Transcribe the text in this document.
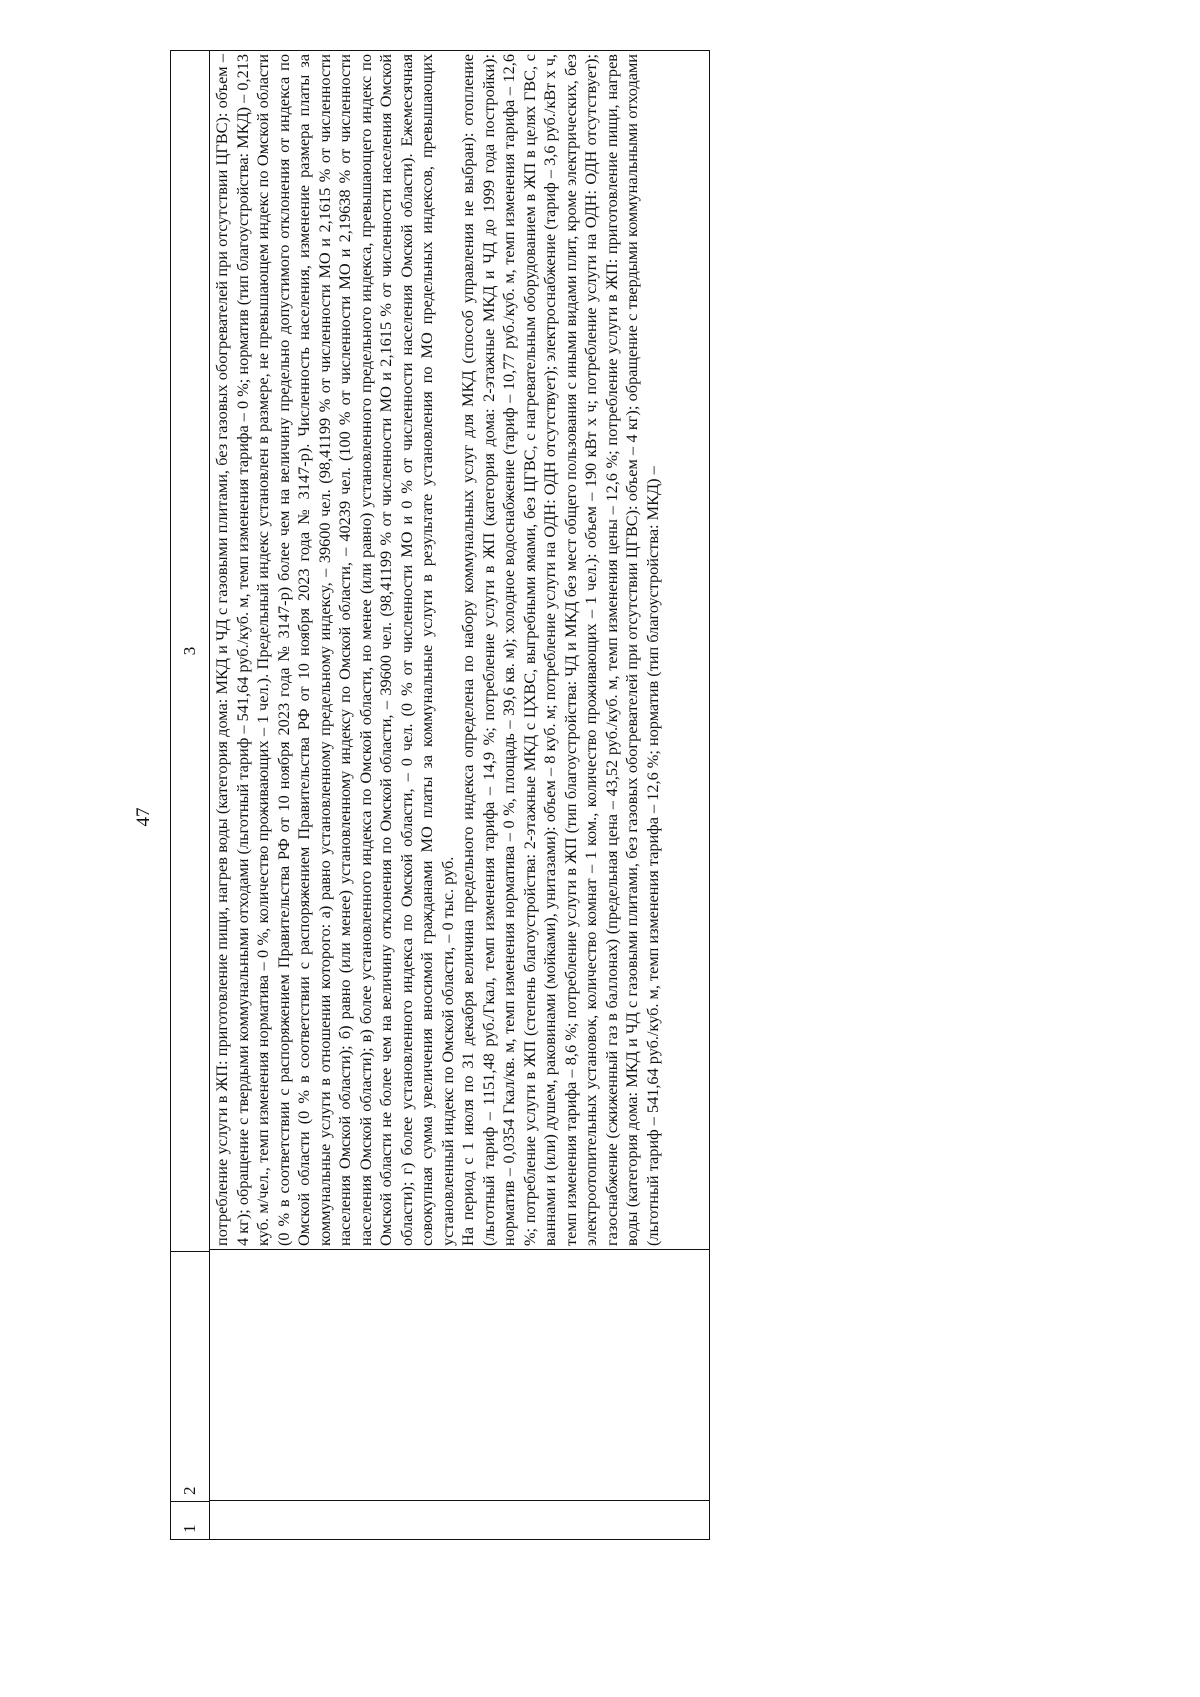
47
1
2
3 потребление услуги в ЖП: приготовление пищи, нагрев воды (категория дома: МКД и ЧД с газовыми плитами, без газовых обогревателей при отсутствии ЦГВС): объем – 4 кг); обращение с твердыми коммунальными отходами (льготный тариф – 541,64 руб./куб. м, темп изменения тарифа – 0 %; норматив (тип благоустройства: МКД) – 0,213 куб. м/чел., темп изменения норматива – 0 %, количество проживающих – 1 чел.). Предельный индекс установлен в размере, не превышающем индекс по Омской области (0 % в соответствии с распоряжением Правительства РФ от 10 ноября 2023 года № 3147-р) более чем на величину предельно допустимого отклонения от индекса по Омской области (0 % в соответствии с распоряжением Правительства РФ от 10 ноября 2023 года № 3147-р). Численность населения, изменение размера платы за коммунальные услуги в отношении которого: а) равно установленному предельному индексу, – 39600 чел. (98,41199 % от численности МО и 2,1615 % от численности населения Омской области); б) равно (или менее) установленному индексу по Омской области, – 40239 чел. (100 % от численности МО и 2,19638 % от численности населения Омской области); в) более установленного индекса по Омской области, но менее (или равно) установленного предельного индекса, превышающего индекс по Омской области не более чем на величину отклонения по Омской области, – 39600 чел. (98,41199 % от численности МО и 2,1615 % от численности населения Омской области); г) более установленного индекса по Омской области, – 0 чел. (0 % от численности МО и 0 % от численности населения Омской области). Ежемесячная совокупная сумма увеличения вносимой гражданами МО платы за коммунальные услуги в результате установления по МО предельных индексов, превышающих установленный индекс по Омской области, – 0 тыс. руб. На период с 1 июля по 31 декабря величина предельного индекса определена по набору коммунальных услуг для МКД (способ управления не выбран): отопление (льготный тариф – 1151,48 руб./Гкал, темп изменения тарифа – 14,9 %; потребление услуги в ЖП (категория дома: 2-этажные МКД и ЧД до 1999 года постройки): норматив – 0,0354 Гкал/кв. м, темп изменения норматива – 0 %, площадь – 39,6 кв. м); холодное водоснабжение (тариф – 10,77 руб./куб. м, темп изменения тарифа – 12,6 %; потребление услуги в ЖП (степень благоустройства: 2-этажные МКД с ЦХВС, выгребными ямами, без ЦГВС, с нагревательным оборудованием в ЖП в целях ГВС, с ваннами и (или) душем, раковинами (мойками), унитазами): объем – 8 куб. м; потребление услуги на ОДН: ОДН отсутствует); электроснабжение (тариф – 3,6 руб./кВт x ч, темп изменения тарифа – 8,6 %; потребление услуги в ЖП (тип благоустройства: ЧД и МКД без мест общего пользования с иными видами плит, кроме электрических, без электроотопительных установок, количество комнат – 1 ком., количество проживающих – 1 чел.): объем – 190 кВт x ч; потребление услуги на ОДН: ОДН отсутствует); газоснабжение (сжиженный газ в баллонах) (предельная цена – 43,52 руб./куб. м, темп изменения цены – 12,6 %; потребление услуги в ЖП: приготовление пищи, нагрев воды (категория дома: МКД и ЧД с газовыми плитами, без газовых обогревателей при отсутствии ЦГВС): объем – 4 кг); обращение с твердыми коммунальными отходами (льготный тариф – 541,64 руб./куб. м, темп изменения тарифа – 12,6 %; норматив (тип благоустройства: МКД) –
